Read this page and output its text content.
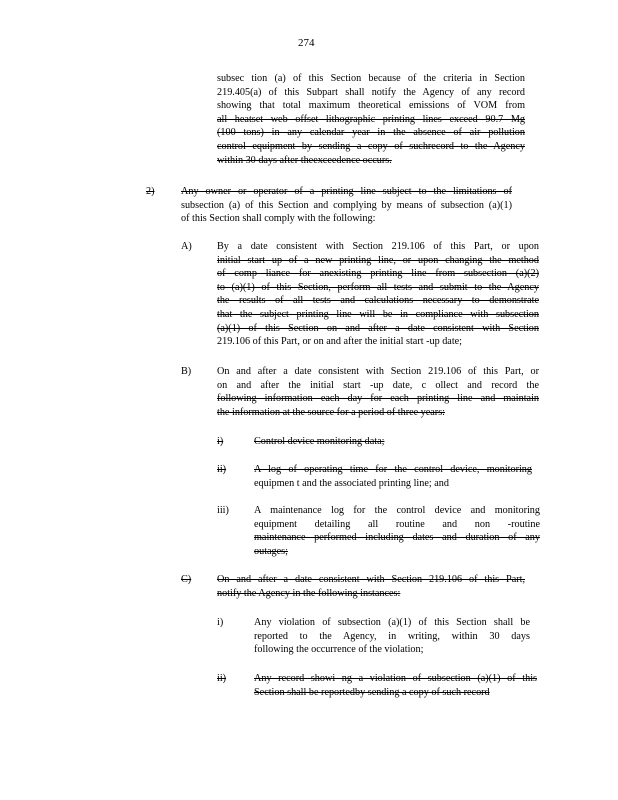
274
subsec tion (a) of this Section because of the criteria in Section
219.405(a) of this Subpart shall notify the Agency of any record
showing that total maximum theoretical emissions of VOM from
all heatset web offset lithographic printing lines exceed 90.7 Mg
(100 tons) in any calendar year in the absence of air pollution
control equipment by sending a copy of suchrecord to the Agency
within 30 days after theexceedence occurs.
2)	Any owner or operator of a printing line subject to the limitations of
subsection (a) of this Section and complying by means of subsection (a)(1)
of this Section shall comply with the following:
A) By a date consistent with Section 219.106 of this Part, or upon
initial start up of a new printing line, or upon changing the method
of comp liance for anexisting printing line from subsection (a)(2)
to (a)(1) of this Section, perform all tests and submit to the Agency
the results of all tests and calculations necessary to demonstrate
that the subject printing line will be in compliance with subsection
(a)(1) of this Section on and after a date consistent with Section
219.106 of this Part, or on and after the initial start -up date;
B)	On and after a date consistent with Section 219.106 of this Part, or
on and after the initial start -up date, c ollect and record the
following information each day for each printing line and maintain
the information at the source for a period of three years:
i)	Control device monitoring data;
ii)	A log of operating time for the control device, monitoring
equipmen t and the associated printing line; and
iii) A maintenance log for the control device and monitoring
equipment detailing all routine and non -routine
maintenance performed including dates and duration of any
outages;
C)	On and after a date consistent with Section 219.106 of this Part,
notify the Agency in the following instances:
i)	Any violation of subsection (a)(1) of this Section shall be
reported to the Agency, in writing, within 30 days
following the occurrence of the violation;
ii)	Any record showi ng a violation of subsection (a)(1) of this
Section shall be reportedby sending a copy of such record
